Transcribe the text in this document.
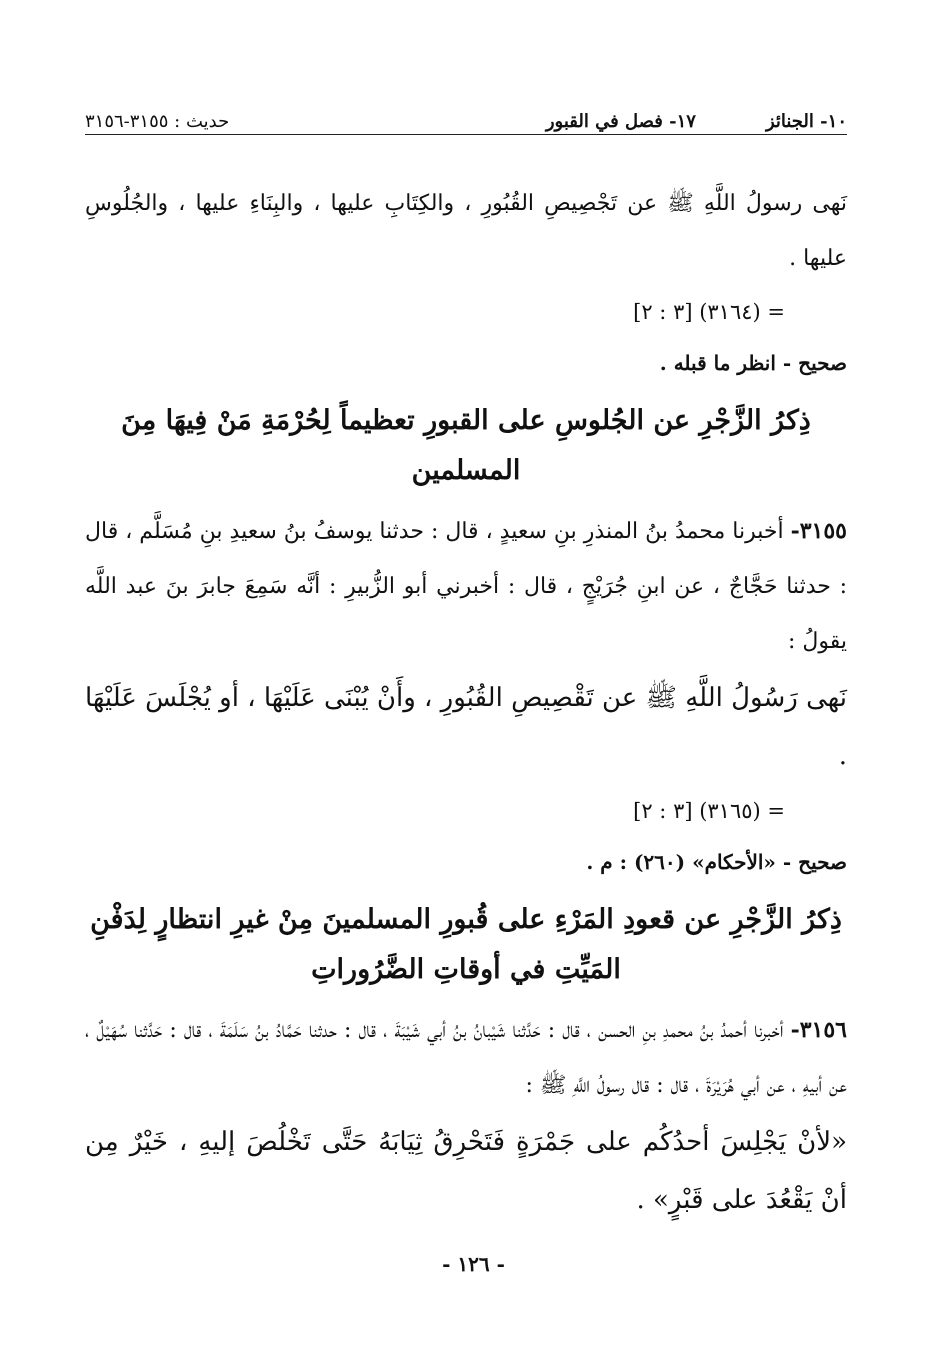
١٠- الجنائز
١٧- فصل في القبور
حديث : ٣١٥٥-٣١٥٦

نَهى رسولُ اللَّهِ ﷺ عن تَجْصِيصِ القُبُورِ ، والكِتَابِ عليها ، والبِنَاءِ عليها ، والجُلُوسِ عليها .

= (٣١٦٤) [٣ : ٢]
صحيح - انظر ما قبله .
ذِكرُ الزَّجْرِ عن الجُلوسِ على القبورِ تعظيماً لِحُرْمَةِ مَنْ فِيهَا مِنَ المسلمين

٣١٥٥- أخبرنا محمدُ بنُ المنذرِ بنِ سعيدٍ ، قال : حدثنا يوسفُ بنُ سعيدِ بنِ مُسَلَّم ، قال : حدثنا حَجَّاجٌ ، عن ابنِ جُرَيْجٍ ، قال : أخبرني أبو الزُّبيرِ : أنَّه سَمِعَ جابرَ بنَ عبد اللَّه يقولُ :

نَهى رَسُولُ اللَّهِ ﷺ عن تَقْصِيصِ القُبُورِ ، وأَنْ يُبْنَى عَلَيْهَا ، أو يُجْلَسَ عَلَيْهَا .

= (٣١٦٥) [٣ : ٢]
صحيح - «الأحكام» (٢٦٠) : م .
ذِكرُ الزَّجْرِ عن قعودِ المَرْءِ على قُبورِ المسلمينَ مِنْ غيرِ انتظارٍ لِدَفْنِ المَيِّتِ في أوقاتِ الضَّرُوراتِ

٣١٥٦- أخبرنا أحمدُ بنُ محمدِ بنِ الحسن ، قال : حَدَّثنا شَيْبانُ بنُ أبي شَيْبَةَ ، قال : حدثنا حَمَّادُ بنُ سَلَمَةَ ، قال : حَدَّثنا سُهَيْلٌ ، عن أبيهِ ، عن أبي هُرَيْرَةَ ، قال : قال رسولُ اللَّهِ ﷺ :

«لأنْ يَجْلِسَ أحدُكُم على جَمْرَةٍ فَتَحْرِقُ ثِيَابَهُ حَتَّى تَخْلُصَ إليهِ ، خَيْرٌ مِن أنْ يَقْعُدَ على قَبْرٍ» .

- ١٢٦ -
